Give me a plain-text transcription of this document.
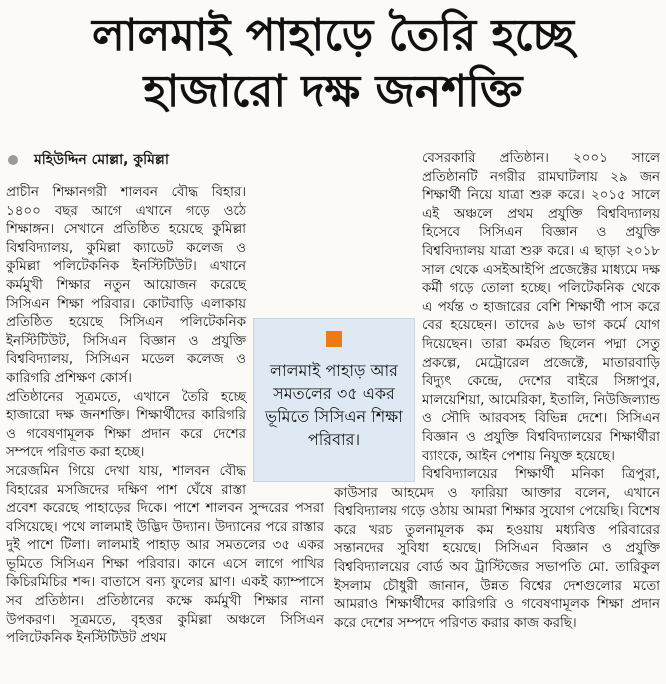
লালমাই পাহাড়ে তৈরি হচ্ছে
হাজারো দক্ষ জনশক্তি
মহিউদ্দিন মোল্লা, কুমিল্লা

প্রাচীন শিক্ষানগরী শালবন বৌদ্ধ বিহার। ১৪০০ বছর আগে এখানে গড়ে ওঠে শিক্ষাঙ্গন। সেখানে প্রতিষ্ঠিত হয়েছে কুমিল্লা বিশ্ববিদ্যালয়, কুমিল্লা ক্যাডেট কলেজ ও কুমিল্লা পলিটেকনিক ইনস্টিটিউট। এখানে কর্মমুখী শিক্ষার নতুন আয়োজন করেছে সিসিএন শিক্ষা পরিবার। কোটবাড়ি এলাকায় প্রতিষ্ঠিত হয়েছে সিসিএন পলিটেকনিক ইনস্টিটিউট, সিসিএন বিজ্ঞান ও প্রযুক্তি বিশ্ববিদ্যালয়, সিসিএন মডেল কলেজ ও কারিগরি প্রশিক্ষণ কোর্স।

প্রতিষ্ঠানের সূত্রমতে, এখানে তৈরি হচ্ছে হাজারো দক্ষ জনশক্তি। শিক্ষার্থীদের কারিগরি ও গবেষণামূলক শিক্ষা প্রদান করে দেশের সম্পদে পরিণত করা হচ্ছে।

সরেজমিন গিয়ে দেখা যায়, শালবন বৌদ্ধ বিহারের মসজিদের দক্ষিণ পাশ ঘেঁষে রাস্তা প্রবেশ করেছে পাহাড়ের দিকে। পাশে শালবন সুন্দরের পসরা বসিয়েছে। পথে লালমাই উদ্ভিদ উদ্যান। উদ্যানের পরে রাস্তার দুই পাশে টিলা। লালমাই পাহাড় আর সমতলের ৩৫ একর ভূমিতে সিসিএন শিক্ষা পরিবার। কানে এসে লাগে পাখির কিচিরমিচির শব্দ। বাতাসে বন্য ফুলের ঘ্রাণ। একই ক্যাম্পাসে সব প্রতিষ্ঠান। প্রতিষ্ঠানের কক্ষে কর্মমুখী শিক্ষার নানা উপকরণ। সূত্রমতে, বৃহত্তর কুমিল্লা অঞ্চলে সিসিএন পলিটেকনিক ইনস্টিটিউট প্রথম

বেসরকারি প্রতিষ্ঠান। ২০০১ সালে প্রতিষ্ঠানটি নগরীর রামঘাটলায় ২৯ জন শিক্ষার্থী নিয়ে যাত্রা শুরু করে। ২০১৫ সালে এই অঞ্চলে প্রথম প্রযুক্তি বিশ্ববিদ্যালয় হিসেবে সিসিএন বিজ্ঞান ও প্রযুক্তি বিশ্ববিদ্যালয় যাত্রা শুরু করে। এ ছাড়া ২০১৮ সাল থেকে এসইআইপি প্রজেক্টের মাধ্যমে দক্ষ কর্মী গড়ে তোলা হচ্ছে। পলিটেকনিক থেকে এ পর্যন্ত ৩ হাজারের বেশি শিক্ষার্থী পাস করে বের হয়েছেন। তাদের ৯৬ ভাগ কর্মে যোগ দিয়েছেন। তারা কর্মরত ছিলেন পদ্মা সেতু প্রকল্পে, মেট্রোরেল প্রজেক্টে, মাতারবাড়ি বিদ্যুৎ কেন্দ্রে, দেশের বাইরে সিঙ্গাপুর, মালয়েশিয়া, আমেরিকা, ইতালি, নিউজিল্যান্ড ও সৌদি আরবসহ বিভিন্ন দেশে। সিসিএন বিজ্ঞান ও প্রযুক্তি বিশ্ববিদ্যালয়ের শিক্ষার্থীরা ব্যাংকে, আইন পেশায় নিযুক্ত হয়েছে।

বিশ্ববিদ্যালয়ের শিক্ষার্থী মনিকা ত্রিপুরা, কাউসার আহমেদ ও ফারিয়া আক্তার বলেন, এখানে বিশ্ববিদ্যালয় গড়ে ওঠায় আমরা শিক্ষার সুযোগ পেয়েছি। বিশেষ করে খরচ তুলনামূলক কম হওয়ায় মধ্যবিত্ত পরিবারের সন্তানদের সুবিধা হয়েছে। সিসিএন বিজ্ঞান ও প্রযুক্তি বিশ্ববিদ্যালয়ের বোর্ড অব ট্রাস্টিজের সভাপতি মো. তারিকুল ইসলাম চৌধুরী জানান, উন্নত বিশ্বের দেশগুলোর মতো আমরাও শিক্ষার্থীদের কারিগরি ও গবেষণামূলক শিক্ষা প্রদান করে দেশের সম্পদে পরিণত করার কাজ করছি।

লালমাই পাহাড় আর সমতলের ৩৫ একর ভূমিতে সিসিএন শিক্ষা পরিবার।
